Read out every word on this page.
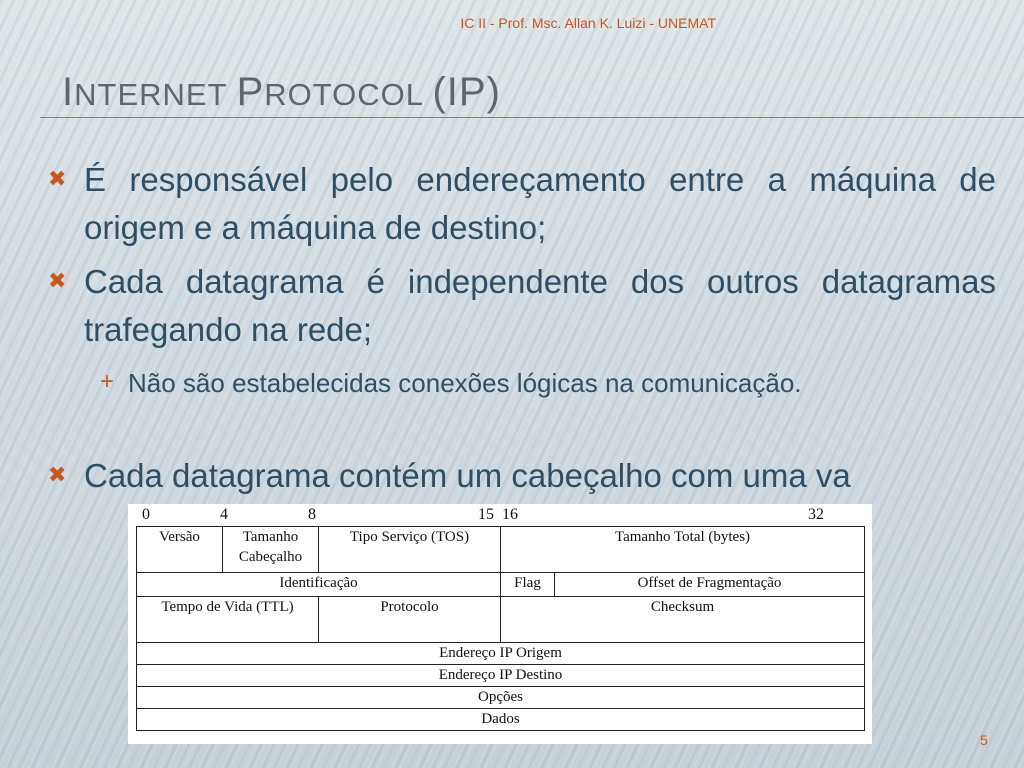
IC II - Prof. Msc. Allan K. Luizi - UNEMAT
INTERNET PROTOCOL (IP)
✖ É responsável pelo endereçamento entre a máquina de origem e a máquina de destino;
✖ Cada datagrama é independente dos outros datagramas trafegando na rede;
+ Não são estabelecidas conexões lógicas na comunicação.
✖ Cada datagrama contém um cabeçalho com uma va
0	4	8	15 16	32
Versão	Tamanho Cabeçalho	Tipo Serviço (TOS)	Tamanho Total (bytes)	
Identificação			Flag	Offset de Fragmentação
Tempo de Vida (TTL)		Protocolo	Checksum	
Endereço IP Origem				
Endereço IP Destino				
Opções				
Dados				
5
